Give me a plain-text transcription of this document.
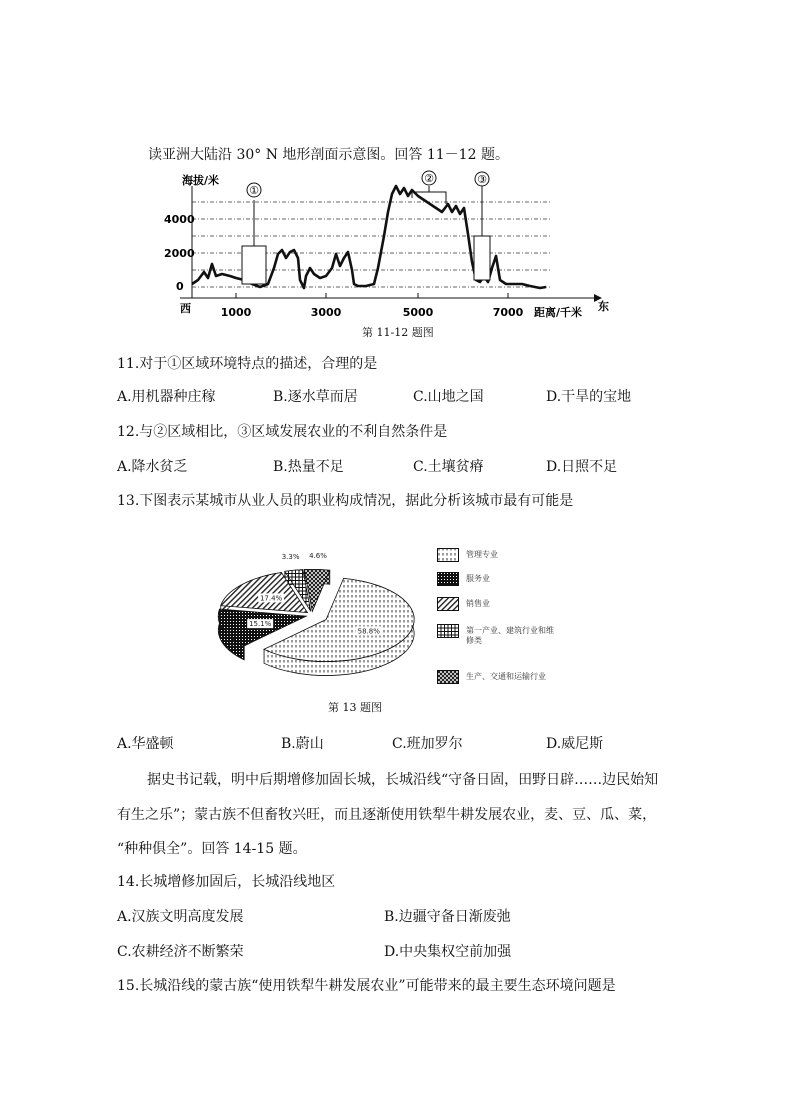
读亚洲大陆沿 30° N 地形剖面示意图。回答 11－12 题。
①
②	③
海拔/米
4000
2000
0
西	1000	3000	5000	7000 距离/千米 东
第 11-12 题图
11.对于①区域环境特点的描述，合理的是
A.用机器种庄稼	B.逐水草而居	C.山地之国	D.干旱的宝地
12.与②区域相比，③区域发展农业的不利自然条件是
A.降水贫乏	B.热量不足	C.土壤贫瘠	D.日照不足
13.下图表示某城市从业人员的职业构成情况，据此分析该城市最有可能是
58.8%
15.1%
17.4%
3.3% 4.6%	管理专业
服务业
销售业
第一产业、建筑行业和维修类
生产、交通和运输行业
第 13 题图
A.华盛顿	B.蔚山	C.班加罗尔	D.威尼斯
据史书记载，明中后期增修加固长城，长城沿线“守备日固，田野日辟……边民始知
有生之乐”；蒙古族不但畜牧兴旺，而且逐渐使用铁犁牛耕发展农业，麦、豆、瓜、菜，
“种种俱全”。回答 14-15 题。
14.长城增修加固后，长城沿线地区
A.汉族文明高度发展	B.边疆守备日渐废弛
C.农耕经济不断繁荣	D.中央集权空前加强
15.长城沿线的蒙古族“使用铁犁牛耕发展农业”可能带来的最主要生态环境问题是
